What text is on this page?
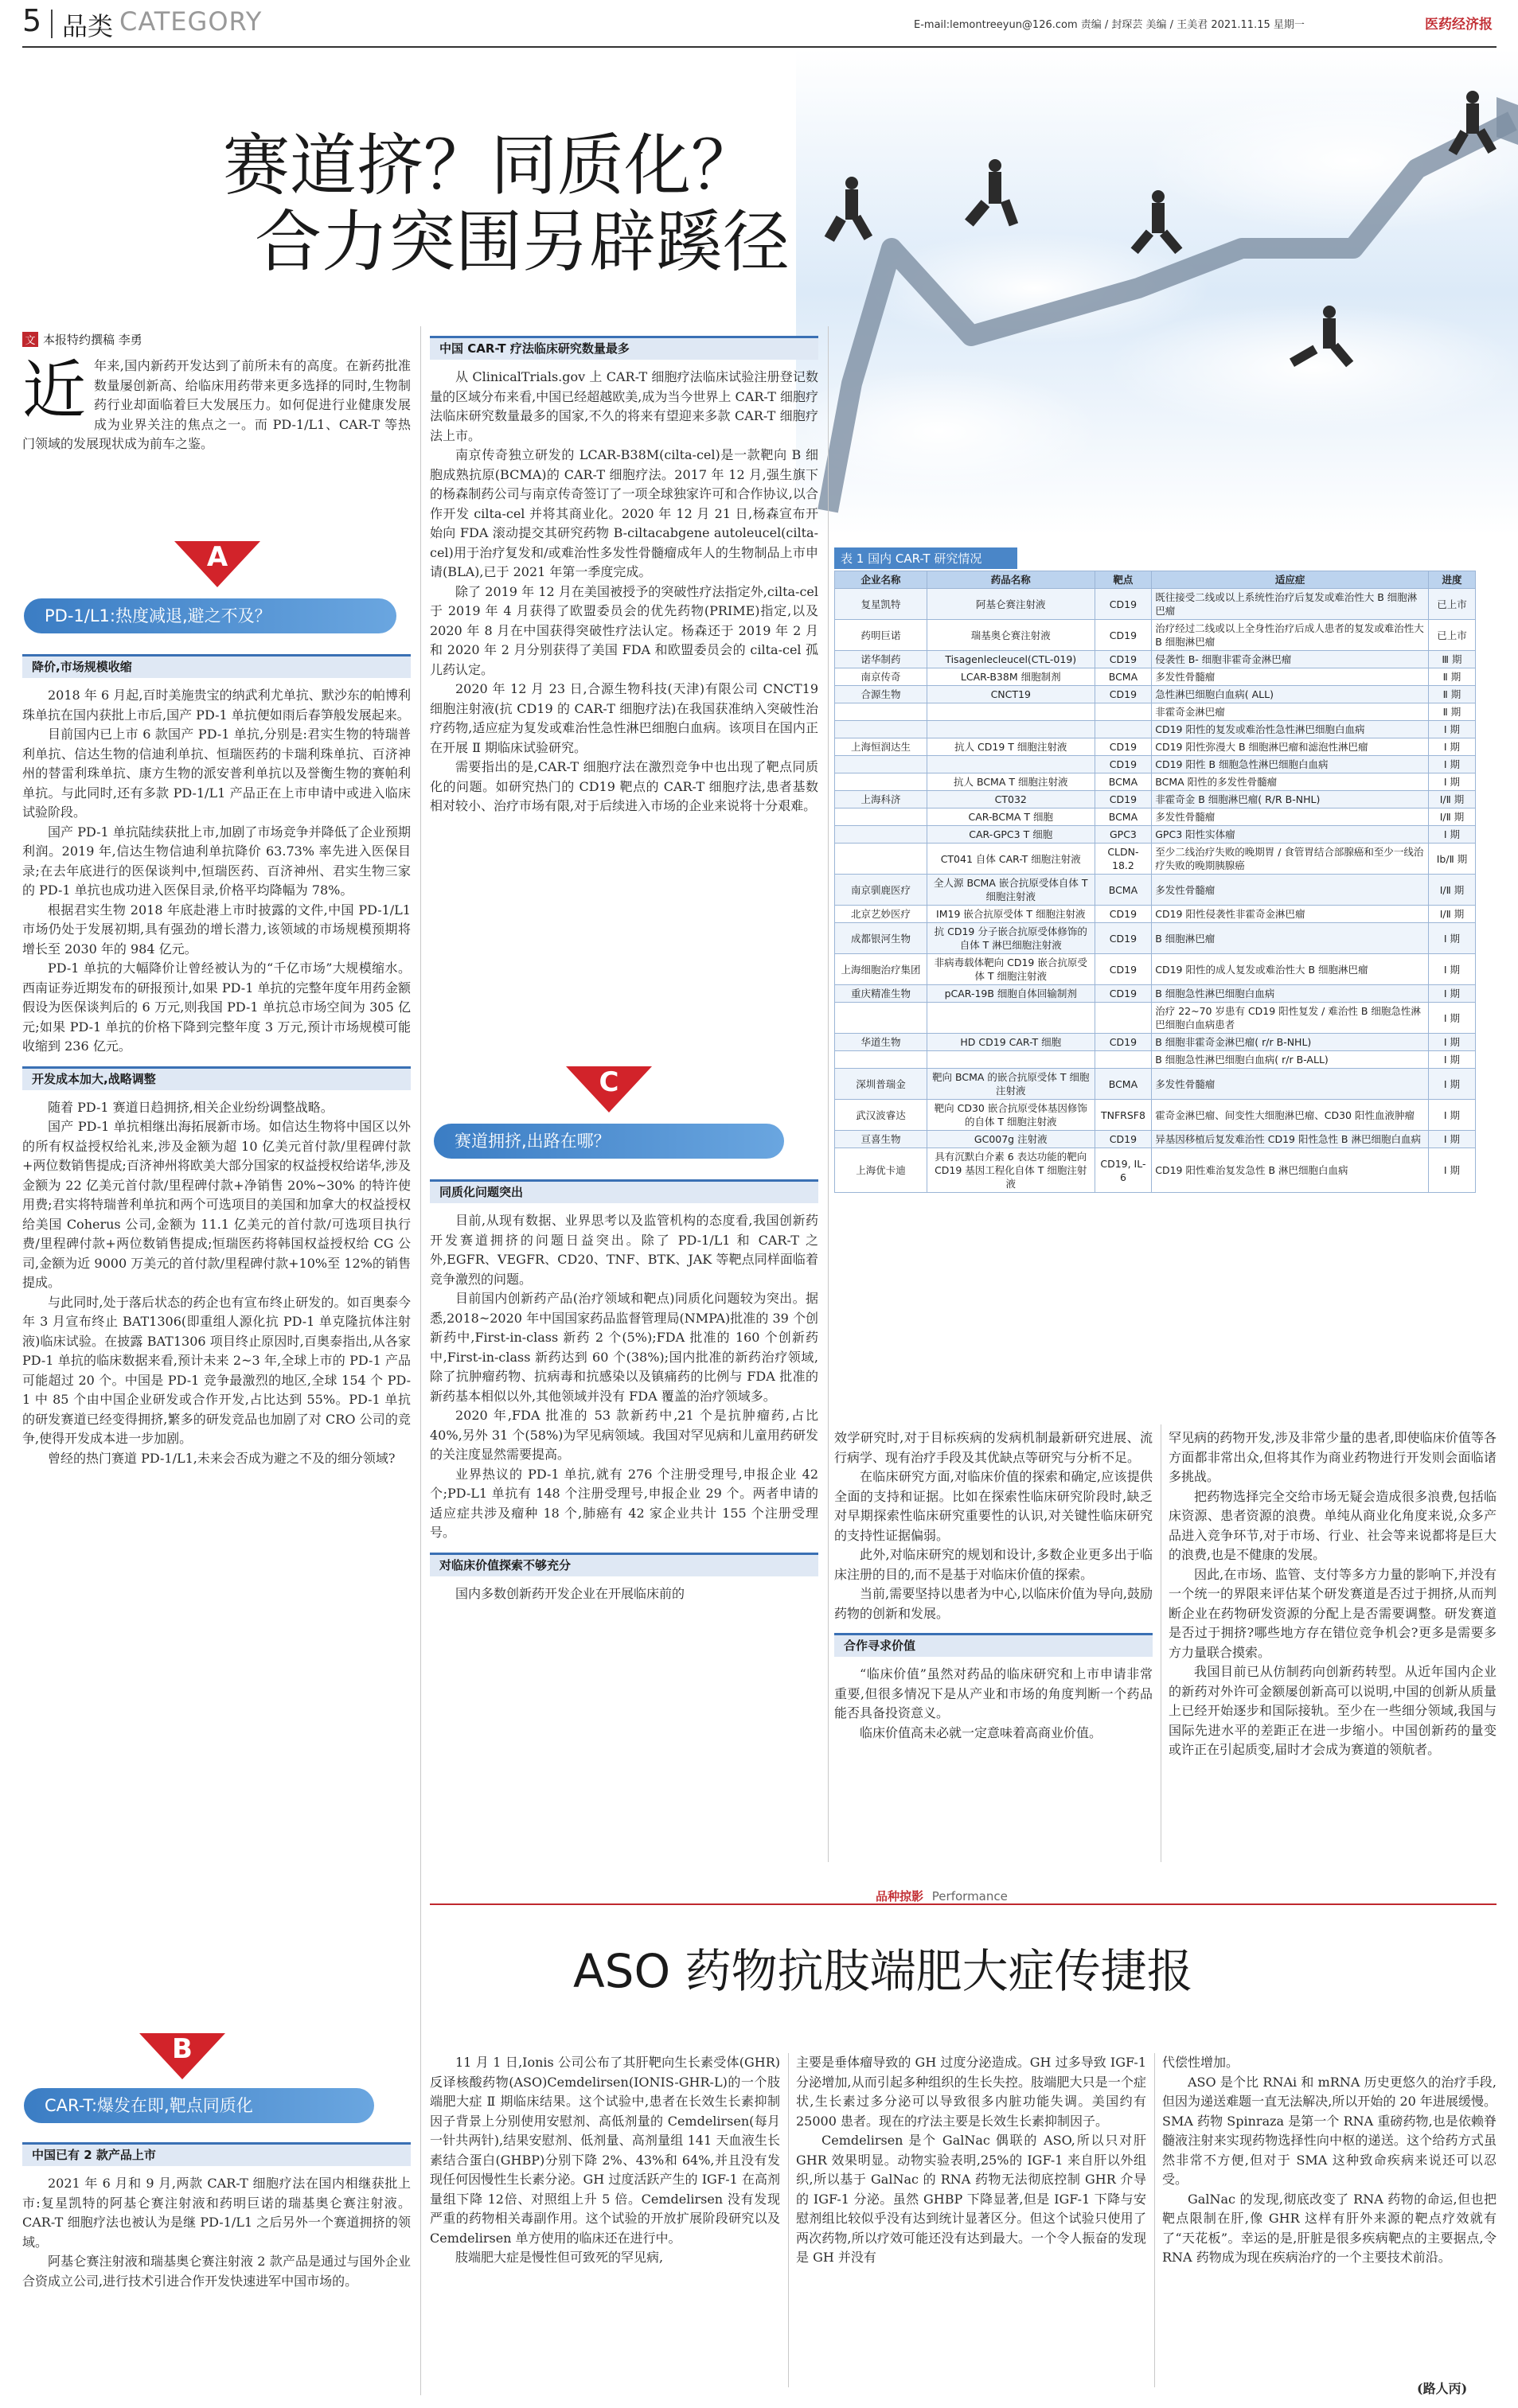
5 品类 CATEGORY	E-mail:lemontreeyun@126.com 责编 / 封琛芸 美编 / 王美君 2021.11.15 星期一	医药经济报
赛道挤？同质化？
合力突围另辟蹊径
文 本报特约撰稿 李勇
近年来,国内新药开发达到了前所未有的高度。在新药批准数量屡创新高、给临床用药带来更多选择的同时,生物制药行业却面临着巨大发展压力。如何促进行业健康发展成为业界关注的焦点之一。而 PD-1/L1、CAR-T 等热门领域的发展现状成为前车之鉴。
A
PD-1/L1:热度减退,避之不及？
降价,市场规模收缩

2018 年 6 月起,百时美施贵宝的纳武利尤单抗、默沙东的帕博利珠单抗在国内获批上市后,国产 PD-1 单抗便如雨后春笋般发展起来。

目前国内已上市 6 款国产 PD-1 单抗,分别是:君实生物的特瑞普利单抗、信达生物的信迪利单抗、恒瑞医药的卡瑞利珠单抗、百济神州的替雷利珠单抗、康方生物的派安普利单抗以及誉衡生物的赛帕利单抗。与此同时,还有多款 PD-1/L1 产品正在上市申请中或进入临床试验阶段。

国产 PD-1 单抗陆续获批上市,加剧了市场竞争并降低了企业预期利润。2019 年,信达生物信迪利单抗降价 63.73% 率先进入医保目录;在去年底进行的医保谈判中,恒瑞医药、百济神州、君实生物三家的 PD-1 单抗也成功进入医保目录,价格平均降幅为 78%。

根据君实生物 2018 年底赴港上市时披露的文件,中国 PD-1/L1 市场仍处于发展初期,具有强劲的增长潜力,该领域的市场规模预期将增长至 2030 年的 984 亿元。

PD-1 单抗的大幅降价让曾经被认为的“千亿市场”大规模缩水。西南证券近期发布的研报预计,如果 PD-1 单抗的完整年度年用药金额假设为医保谈判后的 6 万元,则我国 PD-1 单抗总市场空间为 305 亿元;如果 PD-1 单抗的价格下降到完整年度 3 万元,预计市场规模可能收缩到 236 亿元。

开发成本加大,战略调整

随着 PD-1 赛道日趋拥挤,相关企业纷纷调整战略。

国产 PD-1 单抗相继出海拓展新市场。如信达生物将中国区以外的所有权益授权给礼来,涉及金额为超 10 亿美元首付款/里程碑付款+两位数销售提成;百济神州将欧美大部分国家的权益授权给诺华,涉及金额为 22 亿美元首付款/里程碑付款+净销售 20%~30% 的特许使用费;君实将特瑞普利单抗和两个可选项目的美国和加拿大的权益授权给美国 Coherus 公司,金额为 11.1 亿美元的首付款/可选项目执行费/里程碑付款+两位数销售提成;恒瑞医药将韩国权益授权给 CG 公司,金额为近 9000 万美元的首付款/里程碑付款+10%至 12%的销售提成。

与此同时,处于落后状态的药企也有宣布终止研发的。如百奥泰今年 3 月宣布终止 BAT1306(即重组人源化抗 PD-1 单克隆抗体注射液)临床试验。在披露 BAT1306 项目终止原因时,百奥泰指出,从各家 PD-1 单抗的临床数据来看,预计未来 2~3 年,全球上市的 PD-1 产品可能超过 20 个。中国是 PD-1 竞争最激烈的地区,全球 154 个 PD-1 中 85 个由中国企业研发或合作开发,占比达到 55%。PD-1 单抗的研发赛道已经变得拥挤,繁多的研发竞品也加剧了对 CRO 公司的竞争,使得开发成本进一步加剧。

曾经的热门赛道 PD-1/L1,未来会否成为避之不及的细分领域?

B
CAR-T:爆发在即,靶点同质化
中国已有 2 款产品上市

2021 年 6 月和 9 月,两款 CAR-T 细胞疗法在国内相继获批上市:复星凯特的阿基仑赛注射液和药明巨诺的瑞基奥仑赛注射液。CAR-T 细胞疗法也被认为是继 PD-1/L1 之后另外一个赛道拥挤的领域。

阿基仑赛注射液和瑞基奥仑赛注射液 2 款产品是通过与国外企业合资成立公司,进行技术引进合作开发快速进军中国市场的。

中国 CAR-T 疗法临床研究数量最多

从 ClinicalTrials.gov 上 CAR-T 细胞疗法临床试验注册登记数量的区域分布来看,中国已经超越欧美,成为当今世界上 CAR-T 细胞疗法临床研究数量最多的国家,不久的将来有望迎来多款 CAR-T 细胞疗法上市。

南京传奇独立研发的 LCAR-B38M(cilta-cel)是一款靶向 B 细胞成熟抗原(BCMA)的 CAR-T 细胞疗法。2017 年 12 月,强生旗下的杨森制药公司与南京传奇签订了一项全球独家许可和合作协议,以合作开发 cilta-cel 并将其商业化。2020 年 12 月 21 日,杨森宣布开始向 FDA 滚动提交其研究药物 B-ciltacabgene autoleucel(cilta-cel)用于治疗复发和/或难治性多发性骨髓瘤成年人的生物制品上市申请(BLA),已于 2021 年第一季度完成。

除了 2019 年 12 月在美国被授予的突破性疗法指定外,cilta-cel 于 2019 年 4 月获得了欧盟委员会的优先药物(PRIME)指定,以及 2020 年 8 月在中国获得突破性疗法认定。杨森还于 2019 年 2 月和 2020 年 2 月分别获得了美国 FDA 和欧盟委员会的 cilta-cel 孤儿药认定。

2020 年 12 月 23 日,合源生物科技(天津)有限公司 CNCT19 细胞注射液(抗 CD19 的 CAR-T 细胞疗法)在我国获准纳入突破性治疗药物,适应症为复发或难治性急性淋巴细胞白血病。该项目在国内正在开展 Ⅱ 期临床试验研究。

需要指出的是,CAR-T 细胞疗法在激烈竞争中也出现了靶点同质化的问题。如研究热门的 CD19 靶点的 CAR-T 细胞疗法,患者基数相对较小、治疗市场有限,对于后续进入市场的企业来说将十分艰难。

C
赛道拥挤,出路在哪？
同质化问题突出

目前,从现有数据、业界思考以及监管机构的态度看,我国创新药开发赛道拥挤的问题日益突出。除了 PD-1/L1 和 CAR-T 之外,EGFR、VEGFR、CD20、TNF、BTK、JAK 等靶点同样面临着竞争激烈的问题。

目前国内创新药产品(治疗领域和靶点)同质化问题较为突出。据悉,2018~2020 年中国国家药品监督管理局(NMPA)批准的 39 个创新药中,First-in-class 新药 2 个(5%);FDA 批准的 160 个创新药中,First-in-class 新药达到 60 个(38%);国内批准的新药治疗领域,除了抗肿瘤药物、抗病毒和抗感染以及镇痛药的比例与 FDA 批准的新药基本相似以外,其他领域并没有 FDA 覆盖的治疗领域多。

2020 年,FDA 批准的 53 款新药中,21 个是抗肿瘤药,占比 40%,另外 31 个(58%)为罕见病领域。我国对罕见病和儿童用药研发的关注度显然需要提高。

业界热议的 PD-1 单抗,就有 276 个注册受理号,申报企业 42 个;PD-L1 单抗有 148 个注册受理号,申报企业 29 个。两者申请的适应症共涉及瘤种 18 个,肺癌有 42 家企业共计 155 个注册受理号。

对临床价值探索不够充分

国内多数创新药开发企业在开展临床前的

表 1 国内 CAR-T 研究情况
企业名称	药品名称	靶点	适应症	进度
复星凯特	阿基仑赛注射液	CD19	既往接受二线或以上系统性治疗后复发或难治性大 B 细胞淋巴瘤	已上市
药明巨诺	瑞基奥仑赛注射液	CD19	治疗经过二线或以上全身性治疗后成人患者的复发或难治性大 B 细胞淋巴瘤	已上市
诺华制药	Tisagenlecleucel(CTL-019)	CD19	侵袭性 B- 细胞非霍奇金淋巴瘤	Ⅲ 期
南京传奇	LCAR-B38M 细胞制剂	BCMA	多发性骨髓瘤	Ⅱ 期
合源生物	CNCT19	CD19	急性淋巴细胞白血病( ALL)	Ⅱ 期
			非霍奇金淋巴瘤	Ⅱ 期
			CD19 阳性的复发或难治性急性淋巴细胞白血病	Ⅰ 期
上海恒润达生	抗人 CD19 T 细胞注射液	CD19	CD19 阳性弥漫大 B 细胞淋巴瘤和滤泡性淋巴瘤	Ⅰ 期
		CD19	CD19 阳性 B 细胞急性淋巴细胞白血病	Ⅰ 期
	抗人 BCMA T 细胞注射液	BCMA	BCMA 阳性的多发性骨髓瘤	Ⅰ 期
上海科济	CT032	CD19	非霍奇金 B 细胞淋巴瘤( R/R B-NHL)	Ⅰ/Ⅱ 期
	CAR-BCMA T 细胞	BCMA	多发性骨髓瘤	Ⅰ/Ⅱ 期
	CAR-GPC3 T 细胞	GPC3	GPC3 阳性实体瘤	Ⅰ 期
	CT041 自体 CAR-T 细胞注射液	CLDN-18.2	至少二线治疗失败的晚期胃 / 食管胃结合部腺癌和至少一线治疗失败的晚期胰腺癌	Ⅰb/Ⅱ 期
南京驯鹿医疗	全人源 BCMA 嵌合抗原受体自体 T 细胞注射液	BCMA	多发性骨髓瘤	Ⅰ/Ⅱ 期
北京艺妙医疗	IM19 嵌合抗原受体 T 细胞注射液	CD19	CD19 阳性侵袭性非霍奇金淋巴瘤	Ⅰ/Ⅱ 期
成都银河生物	抗 CD19 分子嵌合抗原受体修饰的自体 T 淋巴细胞注射液	CD19	B 细胞淋巴瘤	Ⅰ 期
上海细胞治疗集团	非病毒载体靶向 CD19 嵌合抗原受体 T 细胞注射液	CD19	CD19 阳性的成人复发或难治性大 B 细胞淋巴瘤	Ⅰ 期
重庆精准生物	pCAR-19B 细胞自体回输制剂	CD19	B 细胞急性淋巴细胞白血病	Ⅰ 期
			治疗 22~70 岁患有 CD19 阳性复发 / 难治性 B 细胞急性淋巴细胞白血病患者	Ⅰ 期
华道生物	HD CD19 CAR-T 细胞	CD19	B 细胞非霍奇金淋巴瘤( r/r B-NHL)	Ⅰ 期
			B 细胞急性淋巴细胞白血病( r/r B-ALL)	Ⅰ 期
深圳普瑞金	靶向 BCMA 的嵌合抗原受体 T 细胞注射液	BCMA	多发性骨髓瘤	Ⅰ 期
武汉波睿达	靶向 CD30 嵌合抗原受体基因修饰的自体 T 细胞注射液	TNFRSF8	霍奇金淋巴瘤、间变性大细胞淋巴瘤、CD30 阳性血液肿瘤	Ⅰ 期
亘喜生物	GC007g 注射液	CD19	异基因移植后复发难治性 CD19 阳性急性 B 淋巴细胞白血病	Ⅰ 期
上海优卡迪	具有沉默白介素 6 表达功能的靶向 CD19 基因工程化自体 T 细胞注射液	CD19, IL-6	CD19 阳性难治复发急性 B 淋巴细胞白血病	Ⅰ 期

效学研究时,对于目标疾病的发病机制最新研究进展、流行病学、现有治疗手段及其优缺点等研究与分析不足。

在临床研究方面,对临床价值的探索和确定,应该提供全面的支持和证据。比如在探索性临床研究阶段时,缺乏对早期探索性临床研究重要性的认识,对关键性临床研究的支持性证据偏弱。

此外,对临床研究的规划和设计,多数企业更多出于临床注册的目的,而不是基于对临床价值的探索。

当前,需要坚持以患者为中心,以临床价值为导向,鼓励药物的创新和发展。

合作寻求价值

“临床价值”虽然对药品的临床研究和上市申请非常重要,但很多情况下是从产业和市场的角度判断一个药品能否具备投资意义。

临床价值高未必就一定意味着高商业价值。

罕见病的药物开发,涉及非常少量的患者,即使临床价值等各方面都非常出众,但将其作为商业药物进行开发则会面临诸多挑战。

把药物选择完全交给市场无疑会造成很多浪费,包括临床资源、患者资源的浪费。单纯从商业化角度来说,众多产品进入竞争环节,对于市场、行业、社会等来说都将是巨大的浪费,也是不健康的发展。

因此,在市场、监管、支付等多方力量的影响下,并没有一个统一的界限来评估某个研发赛道是否过于拥挤,从而判断企业在药物研发资源的分配上是否需要调整。研发赛道是否过于拥挤?哪些地方存在错位竞争机会?更多是需要多方力量联合摸索。

我国目前已从仿制药向创新药转型。从近年国内企业的新药对外许可金额屡创新高可以说明,中国的创新从质量上已经开始逐步和国际接轨。至少在一些细分领域,我国与国际先进水平的差距正在进一步缩小。中国创新药的量变或许正在引起质变,届时才会成为赛道的领航者。

品种掠影 Performance
ASO 药物抗肢端肥大症传捷报

11 月 1 日,Ionis 公司公布了其肝靶向生长素受体(GHR)反译核酸药物(ASO)Cemdelirsen(IONIS-GHR-L)的一个肢端肥大症 Ⅱ 期临床结果。这个试验中,患者在长效生长素抑制因子背景上分别使用安慰剂、高低剂量的 Cemdelirsen(每月一针共两针),结果安慰剂、低剂量、高剂量组 141 天血液生长素结合蛋白(GHBP)分别下降 2%、43%和 64%,并且没有发现任何因慢性生长素分泌。GH 过度活跃产生的 IGF-1 在高剂量组下降 12倍、对照组上升 5 倍。Cemdelirsen 没有发现严重的药物相关毒副作用。这个试验的开放扩展阶段研究以及 Cemdelirsen 单方使用的临床还在进行中。

肢端肥大症是慢性但可致死的罕见病,

主要是垂体瘤导致的 GH 过度分泌造成。GH 过多导致 IGF-1 分泌增加,从而引起多种组织的生长失控。肢端肥大只是一个症状,生长素过多分泌可以导致很多内脏功能失调。美国约有 25000 患者。现在的疗法主要是长效生长素抑制因子。

Cemdelirsen 是个 GalNac 偶联的 ASO,所以只对肝 GHR 效果明显。动物实验表明,25%的 IGF-1 来自肝以外组织,所以基于 GalNac 的 RNA 药物无法彻底控制 GHR 介导的 IGF-1 分泌。虽然 GHBP 下降显著,但是 IGF-1 下降与安慰剂组比较似乎没有达到统计显著区分。但这个试验只使用了两次药物,所以疗效可能还没有达到最大。一个令人振奋的发现是 GH 并没有

代偿性增加。

ASO 是个比 RNAi 和 mRNA 历史更悠久的治疗手段,但因为递送难题一直无法解决,所以开始的 20 年进展缓慢。SMA 药物 Spinraza 是第一个 RNA 重磅药物,也是依赖脊髓液注射来实现药物选择性向中枢的递送。这个给药方式虽然非常不方便,但对于 SMA 这种致命疾病来说还可以忍受。

GalNac 的发现,彻底改变了 RNA 药物的命运,但也把靶点限制在肝,像 GHR 这样有肝外来源的靶点疗效就有了“天花板”。幸运的是,肝脏是很多疾病靶点的主要据点,令 RNA 药物成为现在疾病治疗的一个主要技术前沿。

(路人丙)
